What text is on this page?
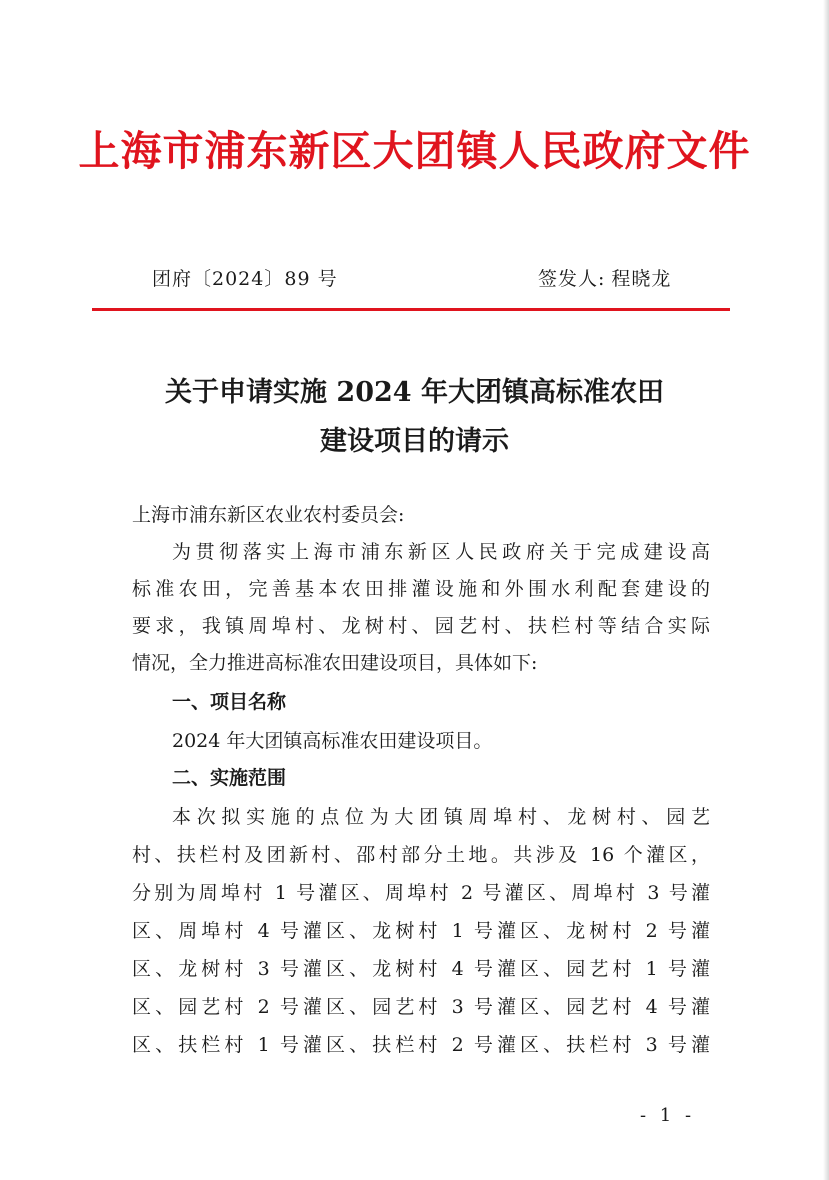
上海市浦东新区大团镇人民政府文件
团府〔2024〕89 号	签发人: 程晓龙
关于申请实施 2024 年大团镇高标准农田
建设项目的请示
上海市浦东新区农业农村委员会:
为贯彻落实上海市浦东新区人民政府关于完成建设高
标准农田，完善基本农田排灌设施和外围水利配套建设的
要求，我镇周埠村、龙树村、园艺村、扶栏村等结合实际
情况，全力推进高标准农田建设项目，具体如下:
一、项目名称
2024 年大团镇高标准农田建设项目。
二、实施范围
本次拟实施的点位为大团镇周埠村、龙树村、园艺
村、扶栏村及团新村、邵村部分土地。共涉及 16 个灌区，
分别为周埠村 1 号灌区、周埠村 2 号灌区、周埠村 3 号灌
区、周埠村 4 号灌区、龙树村 1 号灌区、龙树村 2 号灌
区、龙树村 3 号灌区、龙树村 4 号灌区、园艺村 1 号灌
区、园艺村 2 号灌区、园艺村 3 号灌区、园艺村 4 号灌
区、扶栏村 1 号灌区、扶栏村 2 号灌区、扶栏村 3 号灌
- 1 -
